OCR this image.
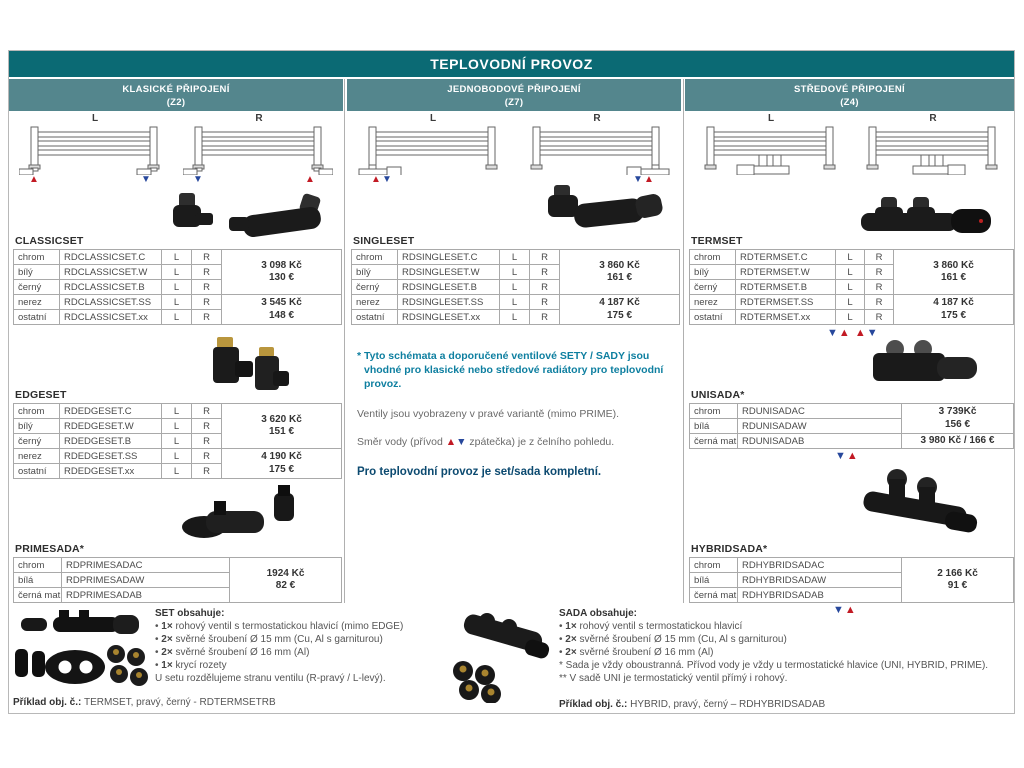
TEPLOVODNÍ PROVOZ
KLASICKÉ PŘIPOJENÍ
(Z2)
JEDNOBODOVÉ PŘIPOJENÍ
(Z7)
STŘEDOVÉ PŘIPOJENÍ
(Z4)
L
▲	▼
R
▼	▲
CLASSICSET
chrom	RDCLASSICSET.C	L	R	3 098 Kč
130 €

bílý	RDCLASSICSET.W	L	R	
černý	RDCLASSICSET.B	L	R	
nerez	RDCLASSICSET.SS	L	R	3 545 Kč
148 €

ostatní	RDCLASSICSET.xx	L	R	
EDGESET
chrom	RDEDGESET.C	L	R	3 620 Kč
151 €

bílý	RDEDGESET.W	L	R	
černý	RDEDGESET.B	L	R	
nerez	RDEDGESET.SS	L	R	4 190 Kč
175 €

ostatní	RDEDGESET.xx	L	R	
PRIMESADA*
chrom	RDPRIMESADAC	1924 Kč
82 €

bílá	RDPRIMESADAW	
černá mat	RDPRIMESADAB	
L
▲ ▼
R
▼ ▲
SINGLESET
chrom	RDSINGLESET.C	L	R	3 860 Kč
161 €

bílý	RDSINGLESET.W	L	R	
černý	RDSINGLESET.B	L	R	
nerez	RDSINGLESET.SS	L	R	4 187 Kč
175 €

ostatní	RDSINGLESET.xx	L	R	
* Tyto schémata a doporučené ventilové SETY / SADY jsou vhodné pro klasické nebo středové radiátory pro teplovodní provoz.
Ventily jsou vyobrazeny v pravé variantě (mimo PRIME).
Směr vody (přívod ▲▼ zpátečka) je z čelního pohledu.
Pro teplovodní provoz je set/sada kompletní.
L	R
TERMSET
chrom	RDTERMSET.C	L	R	3 860 Kč
161 €

bílý	RDTERMSET.W	L	R	
černý	RDTERMSET.B	L	R	
nerez	RDTERMSET.SS	L	R	4 187 Kč
175 €

ostatní	RDTERMSET.xx	L	R	
▼▲ ▲▼
UNISADA*
chrom	RDUNISADAC	3 739Kč
156 €

bílá	RDUNISADAW	
černá mat	RDUNISADAB	3 980 Kč / 166 €
▼▲
HYBRIDSADA*
chrom	RDHYBRIDSADAC	2 166 Kč
91 €

bílá	RDHYBRIDSADAW	
černá mat	RDHYBRIDSADAB	
▼▲
SET obsahuje:
• 1× rohový ventil s termostatickou hlavicí (mimo EDGE)
• 2× svěrné šroubení Ø 15 mm (Cu, Al s garniturou)
• 2× svěrné šroubení Ø 16 mm (Al)
• 1× krycí rozety
U setu rozdělujeme stranu ventilu (R-pravý / L-levý).
Příklad obj. č.: TERMSET, pravý, černý - RDTERMSETRB
SADA obsahuje:
• 1× rohový ventil s termostatickou hlavicí
• 2× svěrné šroubení Ø 15 mm (Cu, Al s garniturou)
• 2× svěrné šroubení Ø 16 mm (Al)
* Sada je vždy oboustranná. Přívod vody je vždy u termostatické hlavice (UNI, HYBRID, PRIME).
** V sadě UNI je termostatický ventil přímý i rohový.
Příklad obj. č.: HYBRID, pravý, černý – RDHYBRIDSADAB
